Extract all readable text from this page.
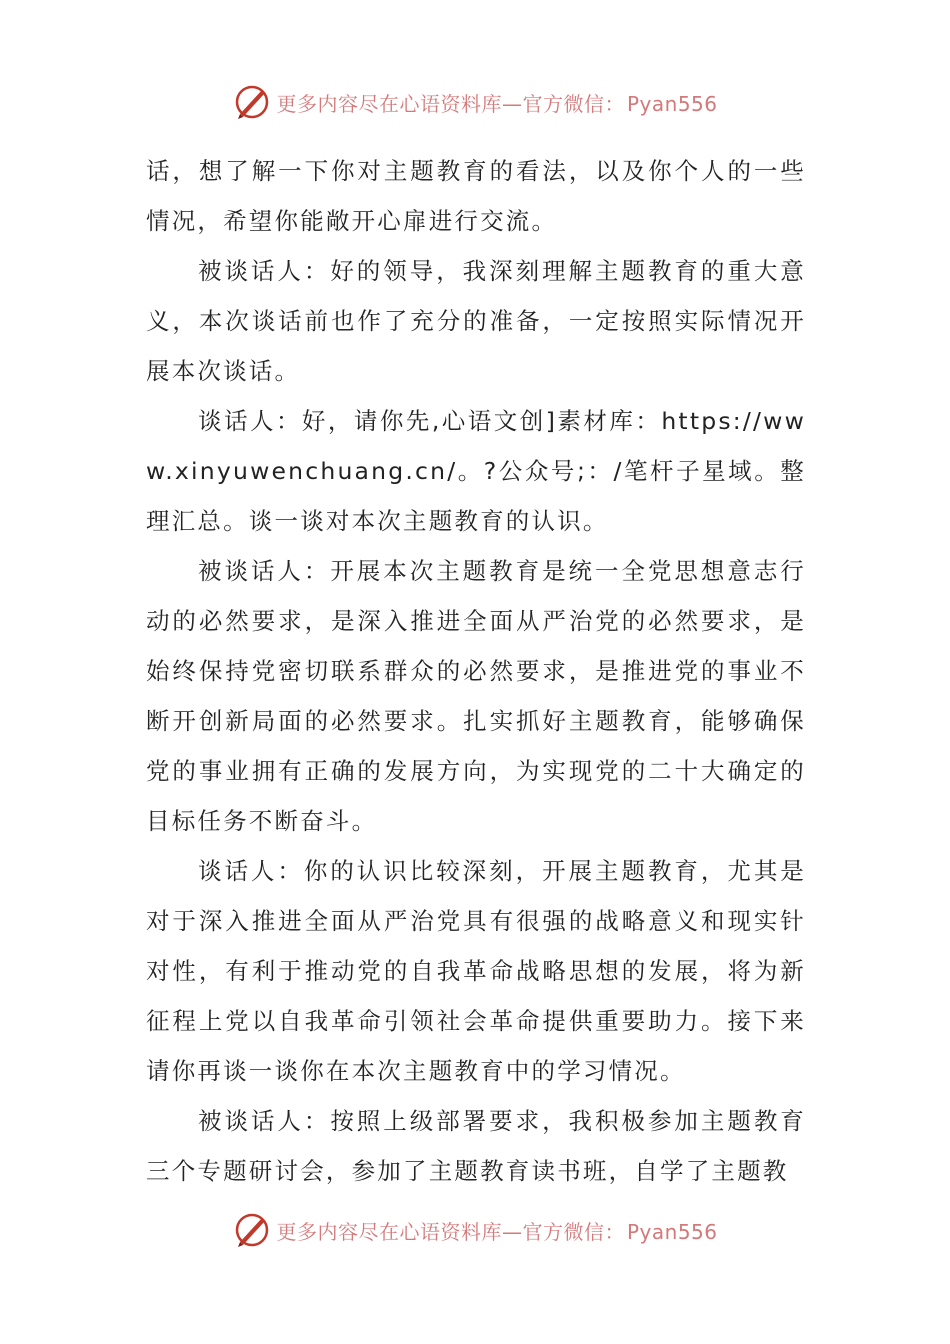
更多内容尽在心语资料库—官方微信： Pyan556

话，想了解一下你对主题教育的看法，以及你个人的一些情况，希望你能敞开心扉进行交流。

被谈话人：好的领导，我深刻理解主题教育的重大意义，本次谈话前也作了充分的准备，一定按照实际情况开展本次谈话。

谈话人：好，请你先,心语文创]素材库：https://www.xinyuwenchuang.cn/。?公众号;：/笔杆子星域。整理汇总。谈一谈对本次主题教育的认识。

被谈话人：开展本次主题教育是统一全党思想意志行动的必然要求，是深入推进全面从严治党的必然要求，是始终保持党密切联系群众的必然要求，是推进党的事业不断开创新局面的必然要求。扎实抓好主题教育，能够确保党的事业拥有正确的发展方向，为实现党的二十大确定的目标任务不断奋斗。

谈话人：你的认识比较深刻，开展主题教育，尤其是对于深入推进全面从严治党具有很强的战略意义和现实针对性，有利于推动党的自我革命战略思想的发展，将为新征程上党以自我革命引领社会革命提供重要助力。接下来请你再谈一谈你在本次主题教育中的学习情况。

被谈话人：按照上级部署要求，我积极参加主题教育三个专题研讨会，参加了主题教育读书班，自学了主题教

更多内容尽在心语资料库—官方微信： Pyan556
